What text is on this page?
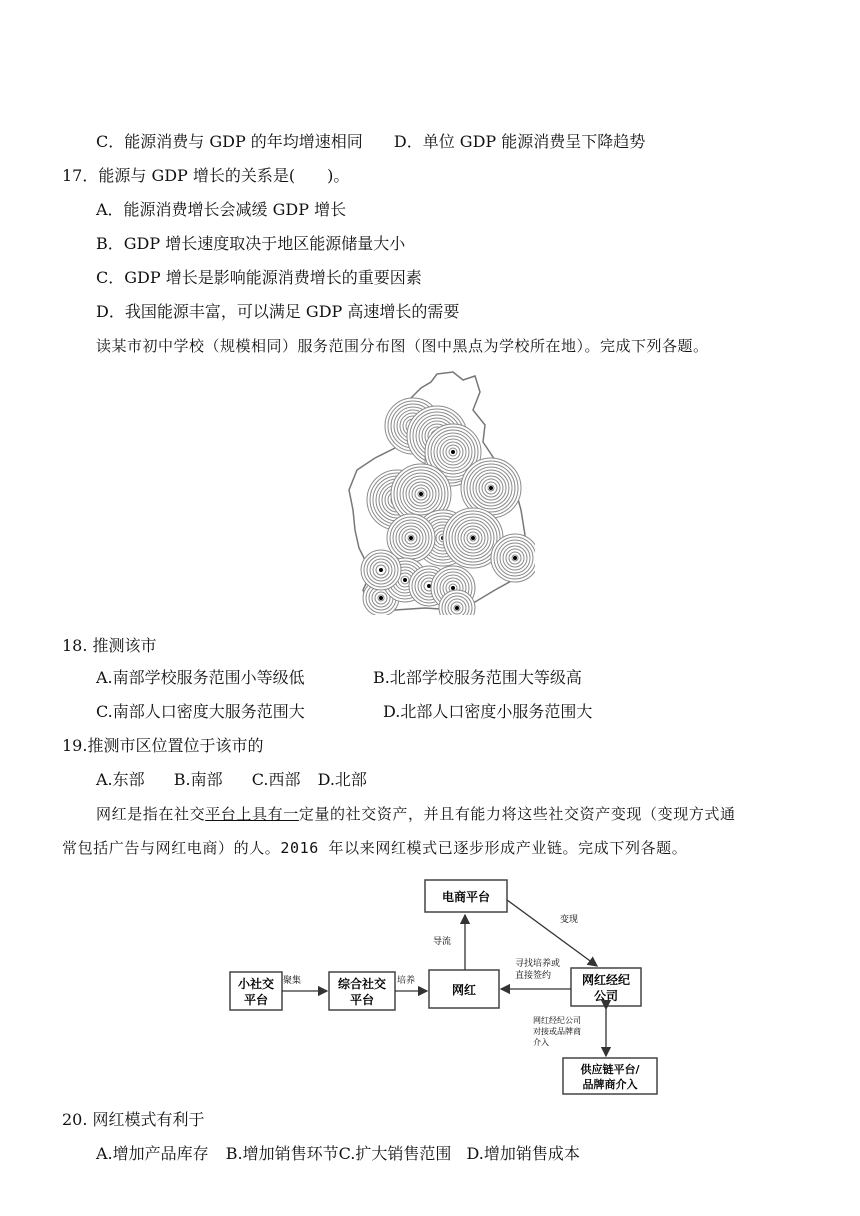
C．能源消费与 GDP 的年均增速相同 D．单位 GDP 能源消费呈下降趋势
17．能源与 GDP 增长的关系是(　　)。
A．能源消费增长会减缓 GDP 增长
B．GDP 增长速度取决于地区能源储量大小
C．GDP 增长是影响能源消费增长的重要因素
D．我国能源丰富，可以满足 GDP 高速增长的需要
读某市初中学校（规模相同）服务范围分布图（图中黑点为学校所在地）。完成下列各题。
18. 推测该市
A.南部学校服务范围小等级低	B.北部学校服务范围大等级高
C.南部人口密度大服务范围大	D.北部人口密度小服务范围大
19.推测市区位置位于该市的
A.东部 B.南部 C.西部 D.北部
网红是指在社交平台上具有一定量的社交资产，并且有能力将这些社交资产变现（变现方式通
常包括广告与网红电商）的人。2016 年以来网红模式已逐步形成产业链。完成下列各题。
电商平台
小社交
平台
综合社交
平台
网红
网红经纪
公司
供应链平台/
品牌商介入
聚集	培养
导流
变现
寻找培养或
直接签约
网红经纪公司
对接或品牌商
介入
20. 网红模式有利于
A.增加产品库存 B.增加销售环节C.扩大销售范围 D.增加销售成本
